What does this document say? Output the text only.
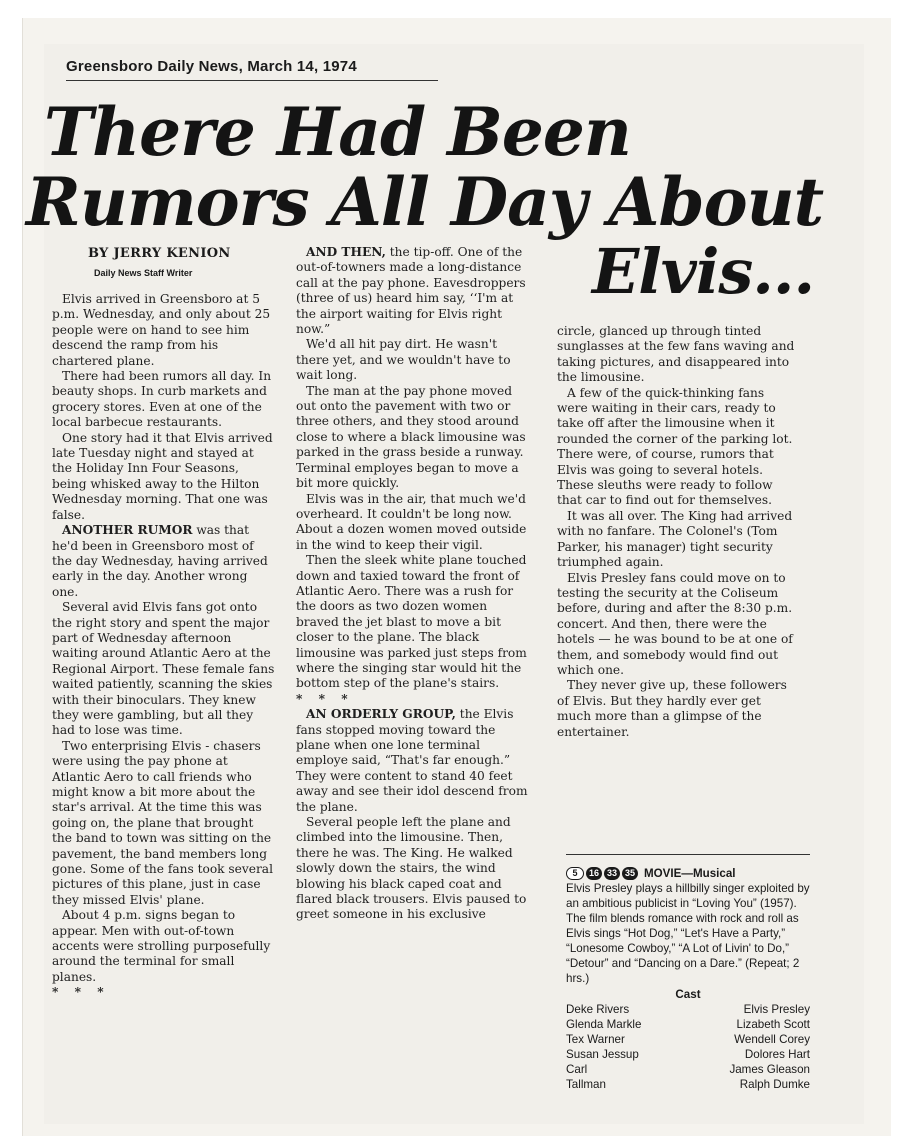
Greensboro Daily News, March 14, 1974
There Had Been
Rumors All Day About
Elvis...
BY JERRY KENION
Daily News Staff Writer

Elvis arrived in Greensboro at 5 p.m. Wednesday, and only about 25 people were on hand to see him descend the ramp from his chartered plane.

There had been rumors all day. In beauty shops. In curb markets and grocery stores. Even at one of the local barbecue restaurants.

One story had it that Elvis arrived late Tuesday night and stayed at the Holiday Inn Four Seasons, being whisked away to the Hilton Wednesday morning. That one was false.

ANOTHER RUMOR was that he'd been in Greensboro most of the day Wednesday, having arrived early in the day. Another wrong one.

Several avid Elvis fans got onto the right story and spent the major part of Wednesday afternoon waiting around Atlantic Aero at the Regional Airport. These female fans waited patiently, scanning the skies with their binoculars. They knew they were gambling, but all they had to lose was time.

Two enterprising Elvis - chasers were using the pay phone at Atlantic Aero to call friends who might know a bit more about the star's arrival. At the time this was going on, the plane that brought the band to town was sitting on the pavement, the band members long gone. Some of the fans took several pictures of this plane, just in case they missed Elvis' plane.

About 4 p.m. signs began to appear. Men with out-of-town accents were strolling purposefully around the terminal for small planes.

* * *

AND THEN, the tip-off. One of the out-of-towners made a long-distance call at the pay phone. Eavesdroppers (three of us) heard him say, ‘‘I'm at the airport waiting for Elvis right now.”

We'd all hit pay dirt. He wasn't there yet, and we wouldn't have to wait long.

The man at the pay phone moved out onto the pavement with two or three others, and they stood around close to where a black limousine was parked in the grass beside a runway. Terminal employes began to move a bit more quickly.

Elvis was in the air, that much we'd overheard. It couldn't be long now. About a dozen women moved outside in the wind to keep their vigil.

Then the sleek white plane touched down and taxied toward the front of Atlantic Aero. There was a rush for the doors as two dozen women braved the jet blast to move a bit closer to the plane. The black limousine was parked just steps from where the singing star would hit the bottom step of the plane's stairs.

* * *

AN ORDERLY GROUP, the Elvis fans stopped moving toward the plane when one lone terminal employe said, “That's far enough.” They were content to stand 40 feet away and see their idol descend from the plane.

Several people left the plane and climbed into the limousine. Then, there he was. The King. He walked slowly down the stairs, the wind blowing his black caped coat and flared black trousers. Elvis paused to greet someone in his exclusive

circle, glanced up through tinted sunglasses at the few fans waving and taking pictures, and disappeared into the limousine.

A few of the quick-thinking fans were waiting in their cars, ready to take off after the limousine when it rounded the corner of the parking lot. There were, of course, rumors that Elvis was going to several hotels. These sleuths were ready to follow that car to find out for themselves.

It was all over. The King had arrived with no fanfare. The Colonel's (Tom Parker, his manager) tight security triumphed again.

Elvis Presley fans could move on to testing the security at the Coliseum before, during and after the 8:30 p.m. concert. And then, there were the hotels — he was bound to be at one of them, and somebody would find out which one.

They never give up, these followers of Elvis. But they hardly ever get much more than a glimpse of the entertainer.

5	16 33 35 MOVIE—Musical
Elvis Presley plays a hillbilly singer exploited by an ambitious publicist in “Loving You” (1957). The film blends romance with rock and roll as Elvis sings “Hot Dog,” “Let's Have a Party,” “Lonesome Cowboy,” “A Lot of Livin' to Do,” “Detour” and “Dancing on a Dare.” (Repeat; 2 hrs.)
Cast
Deke Rivers	Elvis Presley
Glenda Markle	Lizabeth Scott
Tex Warner	Wendell Corey
Susan Jessup	Dolores Hart
Carl	James Gleason
Tallman	Ralph Dumke
